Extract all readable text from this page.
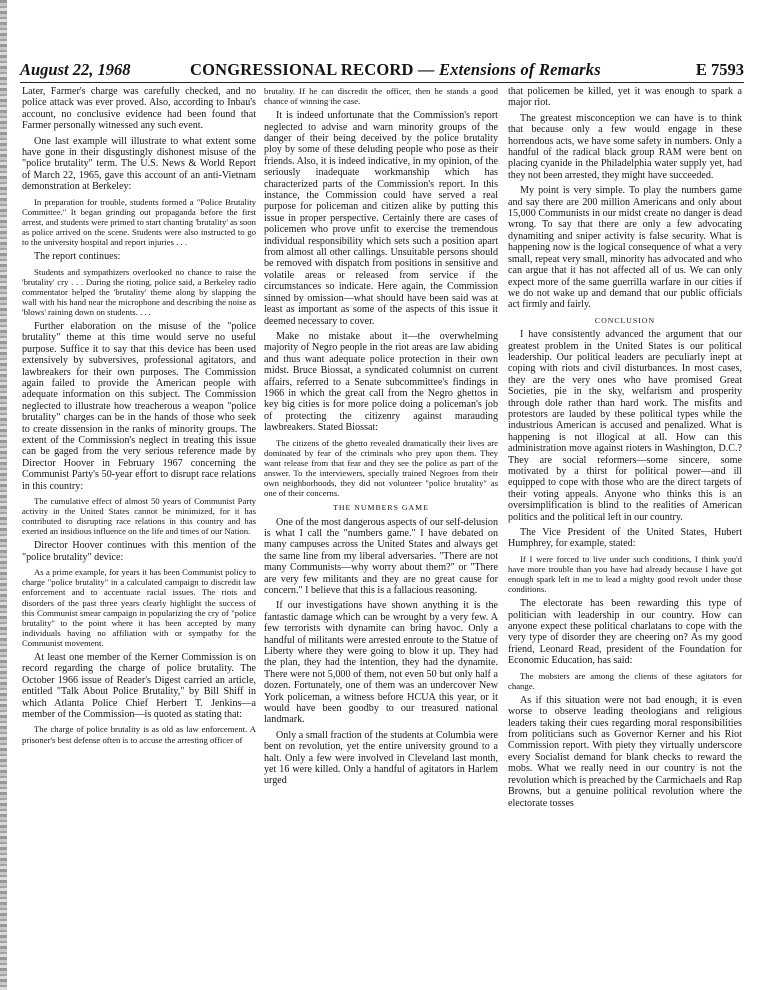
August 22, 1968	CONGRESSIONAL RECORD — Extensions of Remarks	E 7593

Later, Farmer's charge was carefully checked, and no police attack was ever proved. Also, according to Inbau's account, no conclusive evidence had been found that Farmer personally witnessed any such event.

One last example will illustrate to what extent some have gone in their disgustingly dishonest misuse of the "police brutality" term. The U.S. News & World Report of March 22, 1965, gave this account of an anti-Vietnam demonstration at Berkeley:

In preparation for trouble, students formed a "Police Brutality Committee." It began grinding out propaganda before the first arrest, and students were primed to start chanting 'brutality' as soon as police arrived on the scene. Students were also instructed to go to the university hospital and report injuries . . .

The report continues:

Students and sympathizers overlooked no chance to raise the 'brutality' cry . . . During the rioting, police said, a Berkeley radio commentator helped the 'brutality' theme along by slapping the wall with his hand near the microphone and describing the noise as 'blows' raining down on students. . . .

Further elaboration on the misuse of the "police brutality" theme at this time would serve no useful purpose. Suffice it to say that this device has been used extensively by subversives, professional agitators, and lawbreakers for their own purposes. The Commission again failed to provide the American people with adequate information on this subject. The Commission neglected to illustrate how treacherous a weapon "police brutality" charges can be in the hands of those who seek to create dissension in the ranks of minority groups. The extent of the Commission's neglect in treating this issue can be gaged from the very serious reference made by Director Hoover in February 1967 concerning the Communist Party's 50-year effort to disrupt race relations in this country:

The cumulative effect of almost 50 years of Communist Party activity in the United States cannot be minimized, for it has contributed to disrupting race relations in this country and has exerted an insidious influence on the life and times of our Nation.

Director Hoover continues with this mention of the "police brutality" device:

As a prime example, for years it has been Communist policy to charge "police brutality" in a calculated campaign to discredit law enforcement and to accentuate racial issues. The riots and disorders of the past three years clearly highlight the success of this Communist smear campaign in popularizing the cry of "police brutality" to the point where it has been accepted by many individuals having no affiliation with or sympathy for the Communist movement.

At least one member of the Kerner Commission is on record regarding the charge of police brutality. The October 1966 issue of Reader's Digest carried an article, entitled "Talk About Police Brutality," by Bill Shiff in which Atlanta Police Chief Herbert T. Jenkins—a member of the Commission—is quoted as stating that:

The charge of police brutality is as old as law enforcement. A prisoner's best defense often is to accuse the arresting officer of

brutality. If he can discredit the officer, then he stands a good chance of winning the case.

It is indeed unfortunate that the Commission's report neglected to advise and warn minority groups of the danger of their being deceived by the police brutality ploy by some of these deluding people who pose as their friends. Also, it is indeed indicative, in my opinion, of the seriously inadequate workmanship which has characterized parts of the Commission's report. In this instance, the Commission could have served a real purpose for policeman and citizen alike by putting this issue in proper perspective. Certainly there are cases of policemen who prove unfit to exercise the tremendous individual responsibility which sets such a position apart from almost all other callings. Unsuitable persons should be removed with dispatch from positions in sensitive and volatile areas or released from service if the circumstances so indicate. Here again, the Commission sinned by omission—what should have been said was at least as important as some of the aspects of this issue it deemed necessary to cover.

Make no mistake about it—the overwhelming majority of Negro people in the riot areas are law abiding and thus want adequate police protection in their own midst. Bruce Biossat, a syndicated columnist on current affairs, referred to a Senate subcommittee's findings in 1966 in which the great call from the Negro ghettos in key big cities is for more police doing a policeman's job of protecting the citizenry against marauding lawbreakers. Stated Biossat:

The citizens of the ghetto revealed dramatically their lives are dominated by fear of the criminals who prey upon them. They want release from that fear and they see the police as part of the answer. To the interviewers, specially trained Negroes from their own neighborhoods, they did not volunteer "police brutality" as one of their concerns.

THE NUMBERS GAME

One of the most dangerous aspects of our self-delusion is what I call the "numbers game." I have debated on many campuses across the United States and always get the same line from my liberal adversaries. "There are not many Communists—why worry about them?" or "There are very few militants and they are no great cause for concern." I believe that this is a fallacious reasoning.

If our investigations have shown anything it is the fantastic damage which can be wrought by a very few. A few terrorists with dynamite can bring havoc. Only a handful of militants were arrested enroute to the Statue of Liberty where they were going to blow it up. They had the plan, they had the intention, they had the dynamite. There were not 5,000 of them, not even 50 but only half a dozen. Fortunately, one of them was an undercover New York policeman, a witness before HCUA this year, or it would have been goodby to our treasured national landmark.

Only a small fraction of the students at Columbia were bent on revolution, yet the entire university ground to a halt. Only a few were involved in Cleveland last month, yet 16 were killed. Only a handful of agitators in Harlem urged

that policemen be killed, yet it was enough to spark a major riot.

The greatest misconception we can have is to think that because only a few would engage in these horrendous acts, we have some safety in numbers. Only a handful of the radical black group RAM were bent on placing cyanide in the Philadelphia water supply yet, had they not been arrested, they might have succeeded.

My point is very simple. To play the numbers game and say there are 200 million Americans and only about 15,000 Communists in our midst create no danger is dead wrong. To say that there are only a few advocating dynamiting and sniper activity is false security. What is happening now is the logical consequence of what a very small, repeat very small, minority has advocated and who can argue that it has not affected all of us. We can only expect more of the same guerrilla warfare in our cities if we do not wake up and demand that our public officials act firmly and fairly.

CONCLUSION

I have consistently advanced the argument that our greatest problem in the United States is our political leadership. Our political leaders are peculiarly inept at coping with riots and civil disturbances. In most cases, they are the very ones who have promised Great Societies, pie in the sky, welfarism and prosperity through dole rather than hard work. The misfits and protestors are lauded by these political types while the industrious American is accused and penalized. What is happening is not illogical at all. How can this administration move against rioters in Washington, D.C.? They are social reformers—some sincere, some motivated by a thirst for political power—and ill equipped to cope with those who are the direct targets of their voting appeals. Anyone who thinks this is an oversimplification is blind to the realities of American politics and the political left in our country.

The Vice President of the United States, Hubert Humphrey, for example, stated:

If I were forced to live under such conditions, I think you'd have more trouble than you have had already because I have got enough spark left in me to lead a mighty good revolt under those conditions.

The electorate has been rewarding this type of politician with leadership in our country. How can anyone expect these political charlatans to cope with the very type of disorder they are cheering on? As my good friend, Leonard Read, president of the Foundation for Economic Education, has said:

The mobsters are among the clients of these agitators for change.

As if this situation were not bad enough, it is even worse to observe leading theologians and religious leaders taking their cues regarding moral responsibilities from politicians such as Governor Kerner and his Riot Commission report. With piety they virtually underscore every Socialist demand for blank checks to reward the mobs. What we really need in our country is not the revolution which is preached by the Carmichaels and Rap Browns, but a genuine political revolution where the electorate tosses
